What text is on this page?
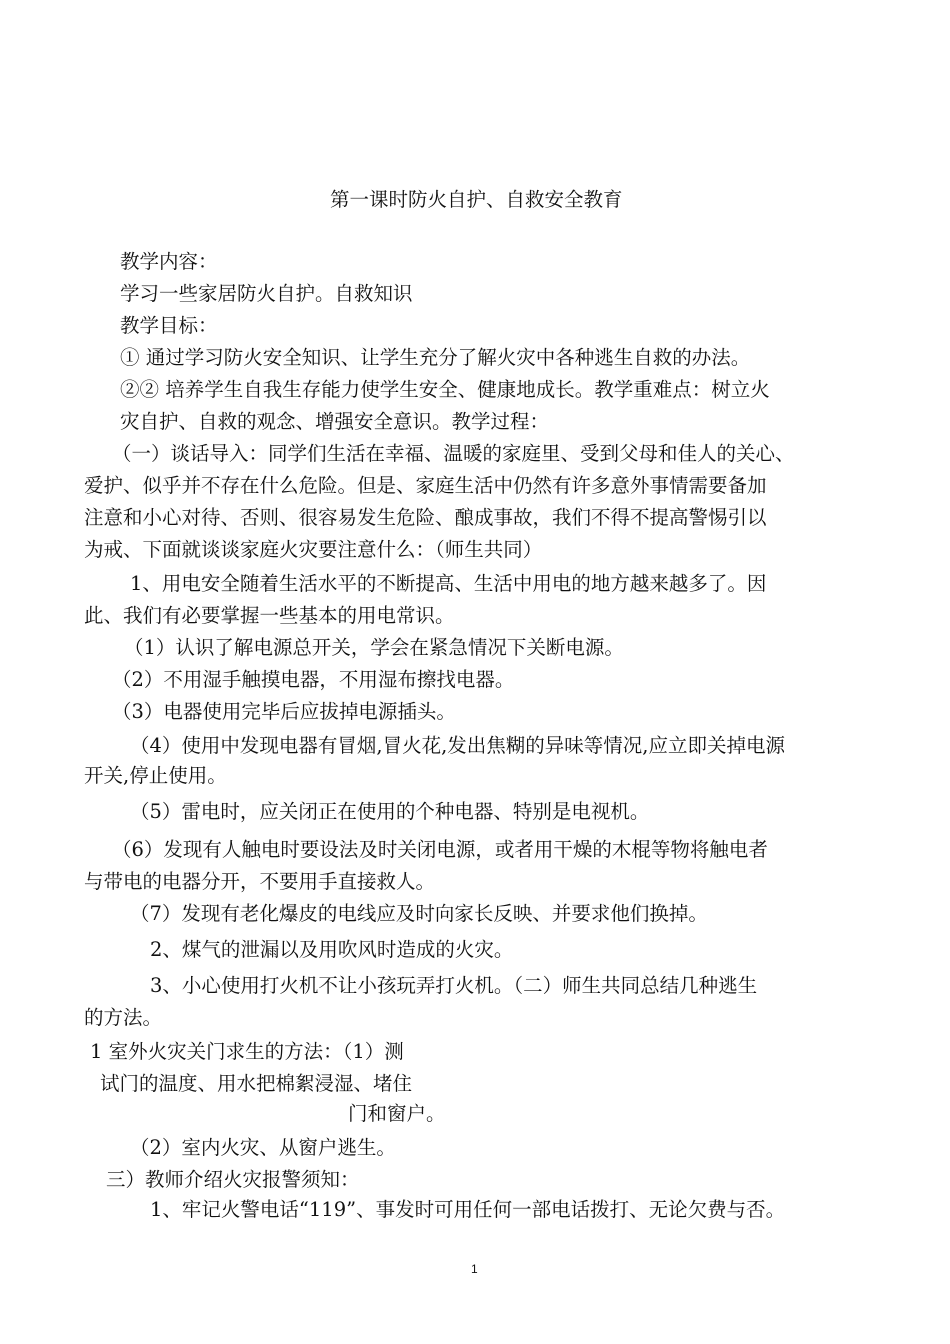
第一课时防火自护、自救安全教育
教学内容：
学习一些家居防火自护。自救知识
教学目标：
① 通过学习防火安全知识、让学生充分了解火灾中各种逃生自救的办法。
②② 培养学生自我生存能力使学生安全、健康地成长。教学重难点：树立火
灾自护、自救的观念、增强安全意识。教学过程：
（一）谈话导入：同学们生活在幸福、温暖的家庭里、受到父母和佳人的关心、
爱护、似乎并不存在什么危险。但是、家庭生活中仍然有许多意外事情需要备加
注意和小心对待、否则、很容易发生危险、酿成事故，我们不得不提高警惕引以
为戒、下面就谈谈家庭火灾要注意什么：（师生共同）
1、用电安全随着生活水平的不断提高、生活中用电的地方越来越多了。因
此、我们有必要掌握一些基本的用电常识。
（1）认识了解电源总开关，学会在紧急情况下关断电源。
（2）不用湿手触摸电器，不用湿布擦找电器。
（3）电器使用完毕后应拔掉电源插头。
（4）使用中发现电器有冒烟,冒火花,发出焦糊的异味等情况,应立即关掉电源
开关,停止使用。
（5）雷电时，应关闭正在使用的个种电器、特别是电视机。
（6）发现有人触电时要设法及时关闭电源，或者用干燥的木棍等物将触电者
与带电的电器分开，不要用手直接救人。
（7）发现有老化爆皮的电线应及时向家长反映、并要求他们换掉。
2、煤气的泄漏以及用吹风时造成的火灾。
3、小心使用打火机不让小孩玩弄打火机。（二）师生共同总结几种逃生
的方法。
1 室外火灾关门求生的方法：（1）测
试门的温度、用水把棉絮浸湿、堵住
门和窗户。
（2）室内火灾、从窗户逃生。
三）教师介绍火灾报警须知：
1、牢记火警电话“119”、事发时可用任何一部电话拨打、无论欠费与否。
1
